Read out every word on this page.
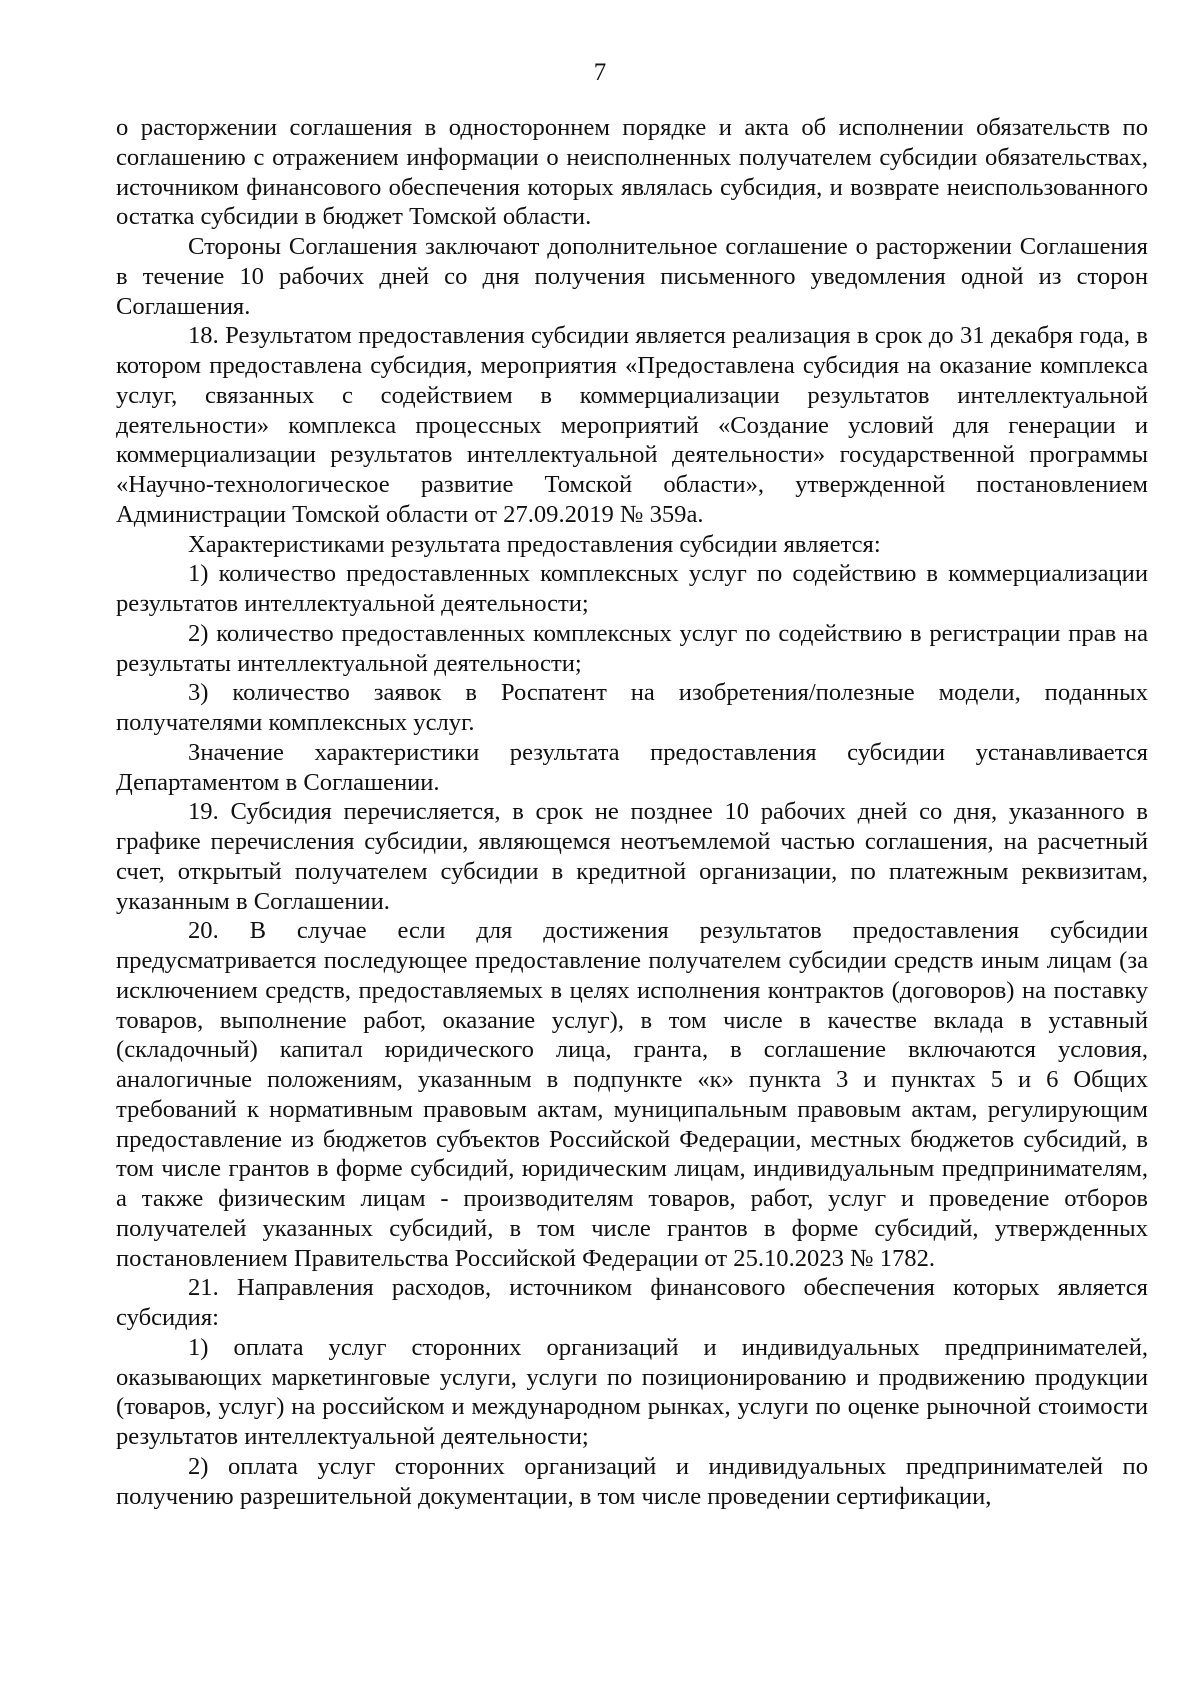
7

о расторжении соглашения в одностороннем порядке и акта об исполнении обязательств по соглашению с отражением информации о неисполненных получателем субсидии обязательствах, источником финансового обеспечения которых являлась субсидия, и возврате неиспользованного остатка субсидии в бюджет Томской области.

Стороны Соглашения заключают дополнительное соглашение о расторжении Соглашения в течение 10 рабочих дней со дня получения письменного уведомления одной из сторон Соглашения.

18. Результатом предоставления субсидии является реализация в срок до 31 декабря года, в котором предоставлена субсидия, мероприятия «Предоставлена субсидия на оказание комплекса услуг, связанных с содействием в коммерциализации результатов интеллектуальной деятельности» комплекса процессных мероприятий «Создание условий для генерации и коммерциализации результатов интеллектуальной деятельности» государственной программы «Научно-технологическое развитие Томской области», утвержденной постановлением Администрации Томской области от 27.09.2019 № 359а.

Характеристиками результата предоставления субсидии является:

1) количество предоставленных комплексных услуг по содействию в коммерциализации результатов интеллектуальной деятельности;

2) количество предоставленных комплексных услуг по содействию в регистрации прав на результаты интеллектуальной деятельности;

3) количество заявок в Роспатент на изобретения/полезные модели, поданных получателями комплексных услуг.

Значение характеристики результата предоставления субсидии устанавливается Департаментом в Соглашении.

19. Субсидия перечисляется, в срок не позднее 10 рабочих дней со дня, указанного в графике перечисления субсидии, являющемся неотъемлемой частью соглашения, на расчетный счет, открытый получателем субсидии в кредитной организации, по платежным реквизитам, указанным в Соглашении.

20. В случае если для достижения результатов предоставления субсидии предусматривается последующее предоставление получателем субсидии средств иным лицам (за исключением средств, предоставляемых в целях исполнения контрактов (договоров) на поставку товаров, выполнение работ, оказание услуг), в том числе в качестве вклада в уставный (складочный) капитал юридического лица, гранта, в соглашение включаются условия, аналогичные положениям, указанным в подпункте «к» пункта 3 и пунктах 5 и 6 Общих требований к нормативным правовым актам, муниципальным правовым актам, регулирующим предоставление из бюджетов субъектов Российской Федерации, местных бюджетов субсидий, в том числе грантов в форме субсидий, юридическим лицам, индивидуальным предпринимателям, а также физическим лицам - производителям товаров, работ, услуг и проведение отборов получателей указанных субсидий, в том числе грантов в форме субсидий, утвержденных постановлением Правительства Российской Федерации от 25.10.2023 № 1782.

21. Направления расходов, источником финансового обеспечения которых является субсидия:

1) оплата услуг сторонних организаций и индивидуальных предпринимателей, оказывающих маркетинговые услуги, услуги по позиционированию и продвижению продукции (товаров, услуг) на российском и международном рынках, услуги по оценке рыночной стоимости результатов интеллектуальной деятельности;

2) оплата услуг сторонних организаций и индивидуальных предпринимателей по получению разрешительной документации, в том числе проведении сертификации,
